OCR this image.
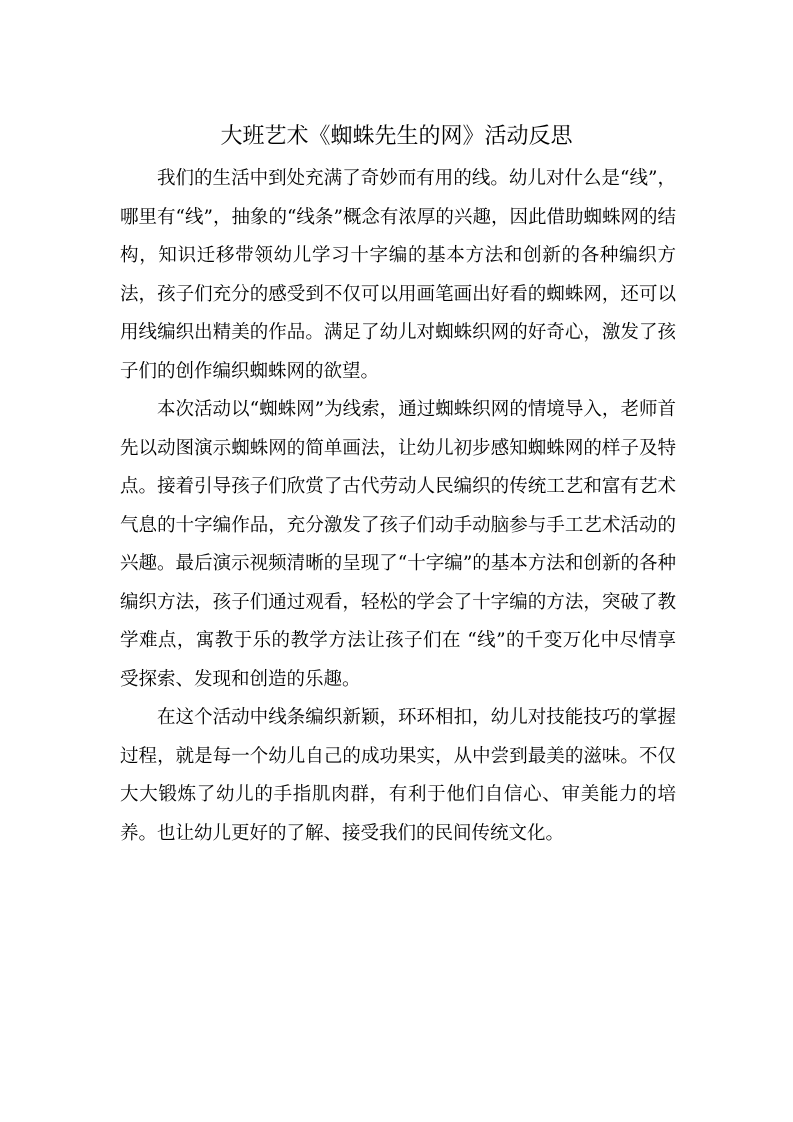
大班艺术《蜘蛛先生的网》活动反思

我们的生活中到处充满了奇妙而有用的线。幼儿对什么是“线”，哪里有“线”，抽象的“线条”概念有浓厚的兴趣，因此借助蜘蛛网的结构，知识迁移带领幼儿学习十字编的基本方法和创新的各种编织方法，孩子们充分的感受到不仅可以用画笔画出好看的蜘蛛网，还可以用线编织出精美的作品。满足了幼儿对蜘蛛织网的好奇心，激发了孩子们的创作编织蜘蛛网的欲望。

本次活动以“蜘蛛网”为线索，通过蜘蛛织网的情境导入，老师首先以动图演示蜘蛛网的简单画法，让幼儿初步感知蜘蛛网的样子及特点。接着引导孩子们欣赏了古代劳动人民编织的传统工艺和富有艺术气息的十字编作品，充分激发了孩子们动手动脑参与手工艺术活动的兴趣。最后演示视频清晰的呈现了“十字编”的基本方法和创新的各种编织方法，孩子们通过观看，轻松的学会了十字编的方法，突破了教学难点，寓教于乐的教学方法让孩子们在 “线”的千变万化中尽情享受探索、发现和创造的乐趣。

在这个活动中线条编织新颖，环环相扣，幼儿对技能技巧的掌握过程，就是每一个幼儿自己的成功果实，从中尝到最美的滋味。不仅大大锻炼了幼儿的手指肌肉群，有利于他们自信心、审美能力的培养。也让幼儿更好的了解、接受我们的民间传统文化。
